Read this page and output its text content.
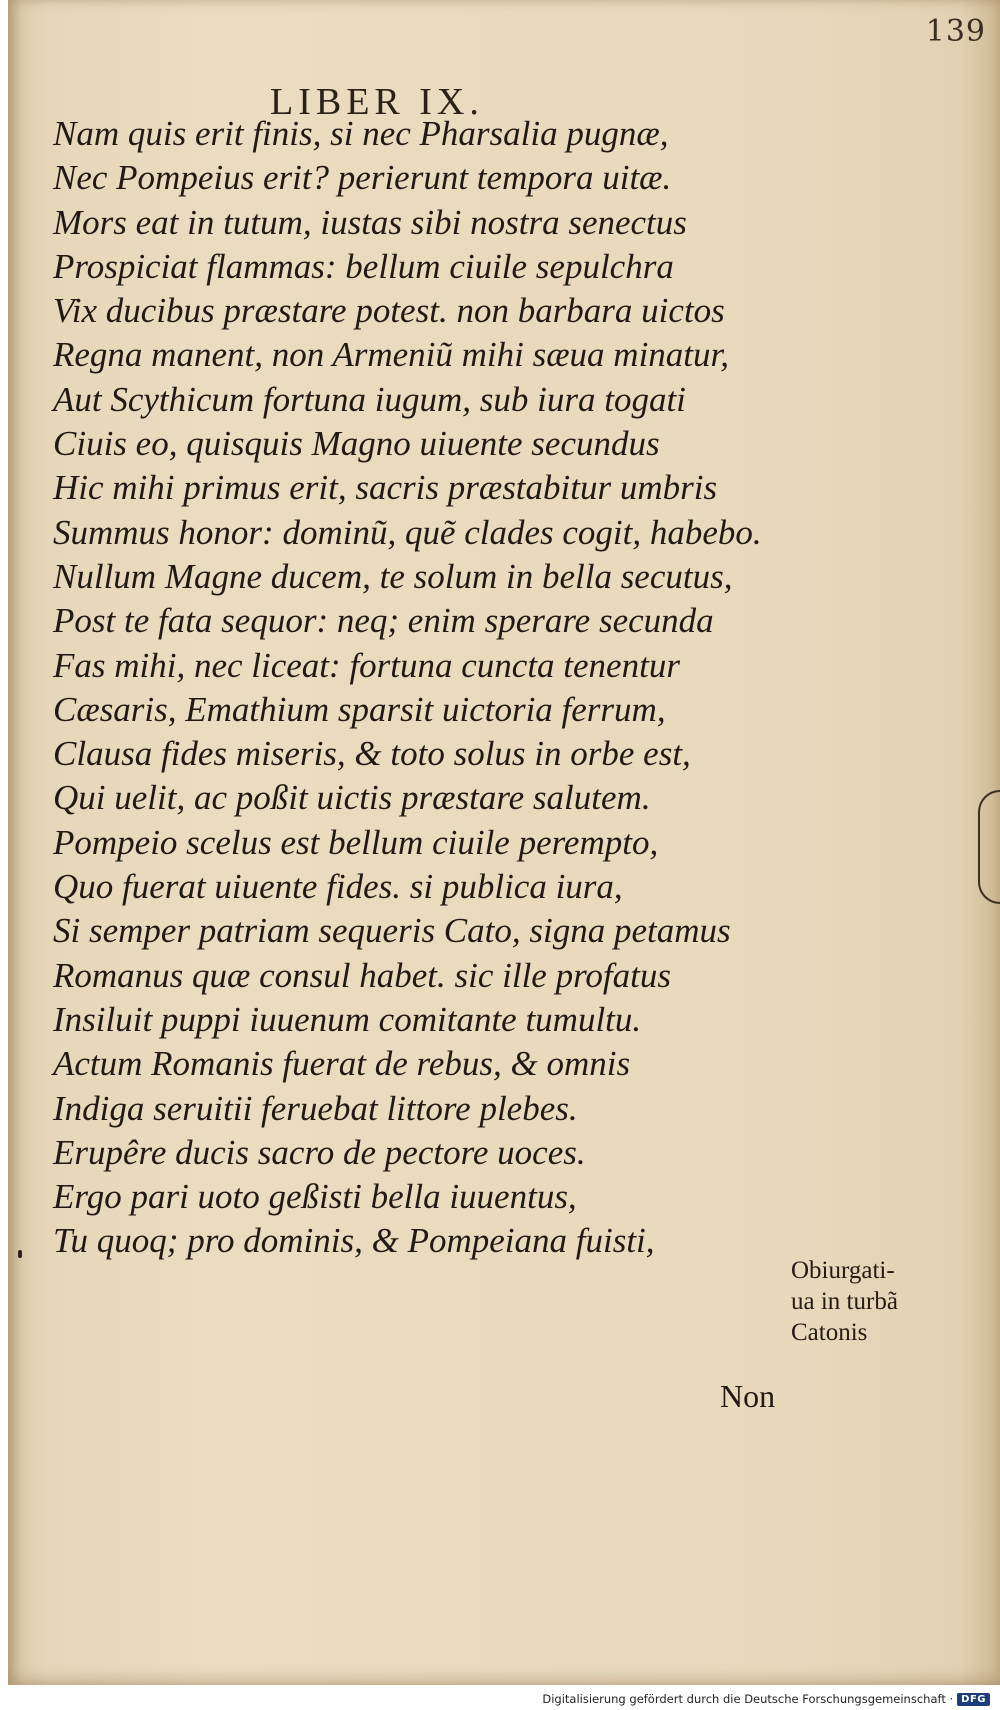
139
LIBER IX.
Nam quis erit finis, si nec Pharsalia pugnæ,
Nec Pompeius erit? perierunt tempora uitæ.
Mors eat in tutum, iustas sibi nostra senectus
Prospiciat flammas: bellum ciuile sepulchra
Vix ducibus præstare potest. non barbara uictos
Regna manent, non Armeniũ mihi sæua minatur,
Aut Scythicum fortuna iugum, sub iura togati
Ciuis eo, quisquis Magno uiuente secundus
Hic mihi primus erit, sacris præstabitur umbris
Summus honor: dominũ, quẽ clades cogit, habebo.
Nullum Magne ducem, te solum in bella secutus,
Post te fata sequor: neq; enim sperare secunda
Fas mihi, nec liceat: fortuna cuncta tenentur
Cæsaris, Emathium sparsit uictoria ferrum,
Clausa fides miseris, & toto solus in orbe est,
Qui uelit, ac poßit uictis præstare salutem.
Pompeio scelus est bellum ciuile perempto,
Quo fuerat uiuente fides. si publica iura,
Si semper patriam sequeris Cato, signa petamus
Romanus quæ consul habet. sic ille profatus
Insiluit puppi iuuenum comitante tumultu.
Actum Romanis fuerat de rebus, & omnis
Indiga seruitii feruebat littore plebes.
Erupêre ducis sacro de pectore uoces.
Ergo pari uoto geßisti bella iuuentus,
Tu quoq; pro dominis, & Pompeiana fuisti,
Obiurgati-
ua in turbã
Catonis
Non
Digitalisierung gefördert durch die Deutsche Forschungsgemeinschaft · DFG
